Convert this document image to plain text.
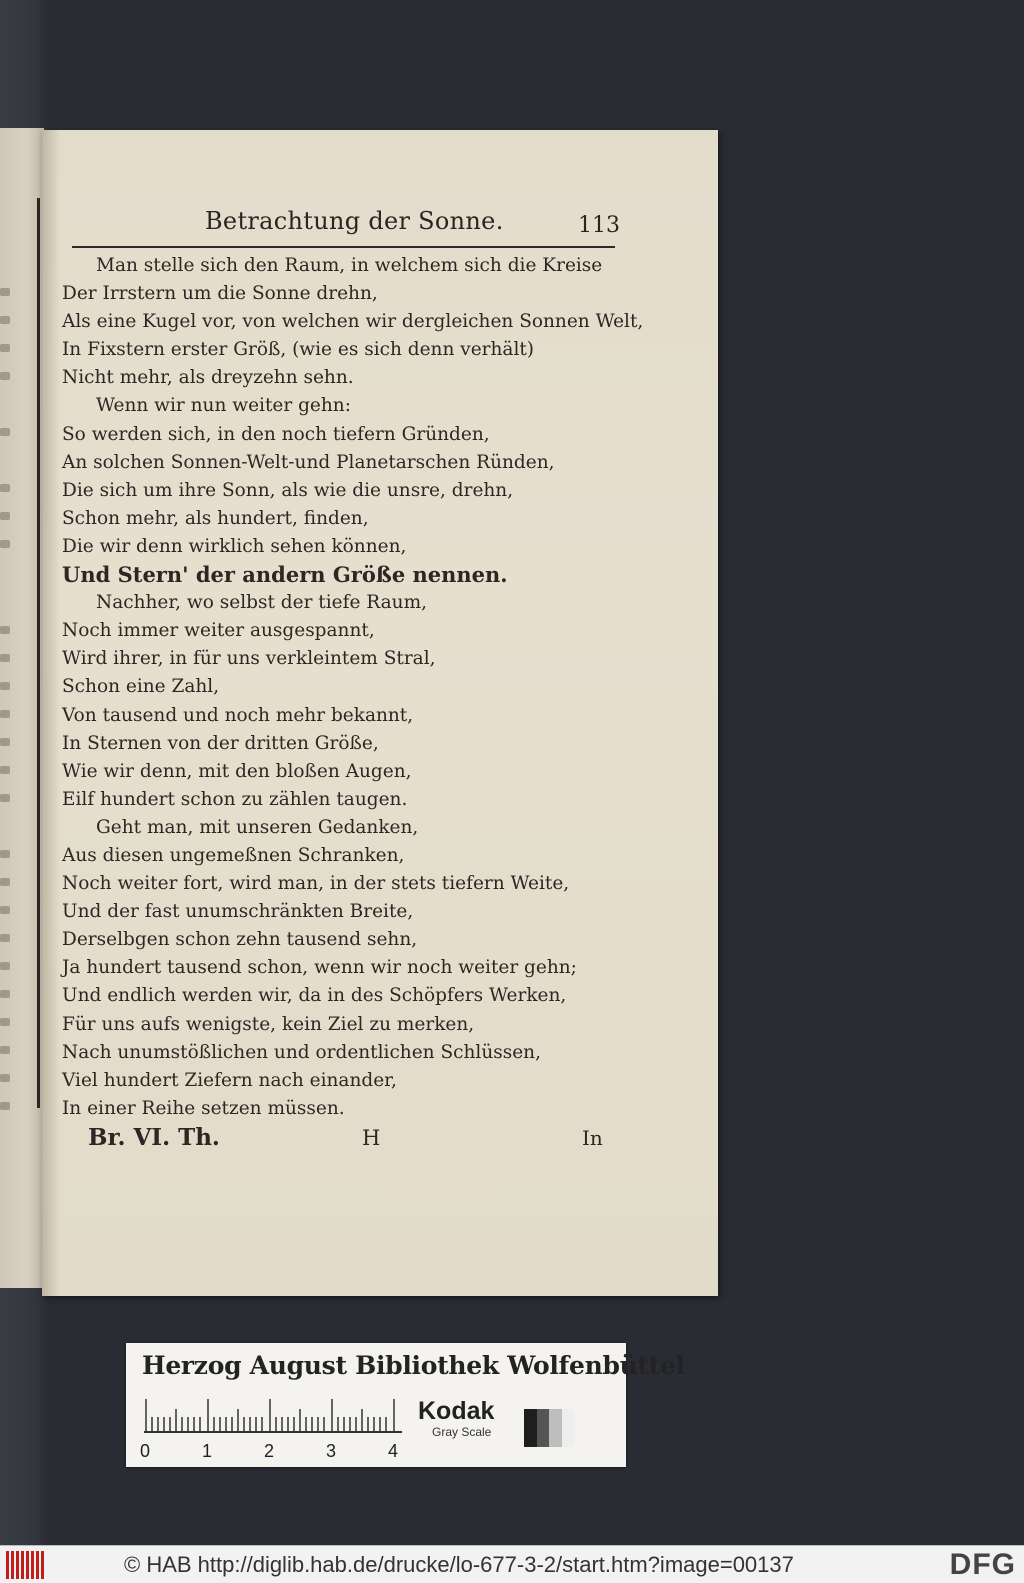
Betrachtung der Sonne.	113
Man stelle sich den Raum, in welchem sich die Kreise
Der Irrstern um die Sonne drehn,
Als eine Kugel vor, von welchen wir dergleichen Sonnen Welt,
In Fixstern erster Größ, (wie es sich denn verhält)
Nicht mehr, als dreyzehn sehn.
Wenn wir nun weiter gehn:
So werden sich, in den noch tiefern Gründen,
An solchen Sonnen-Welt-und Planetarschen Ründen,
Die sich um ihre Sonn, als wie die unsre, drehn,
Schon mehr, als hundert, finden,
Die wir denn wirklich sehen können,
Und Stern' der andern Größe nennen.
Nachher, wo selbst der tiefe Raum,
Noch immer weiter ausgespannt,
Wird ihrer, in für uns verkleintem Stral,
Schon eine Zahl,
Von tausend und noch mehr bekannt,
In Sternen von der dritten Größe,
Wie wir denn, mit den bloßen Augen,
Eilf hundert schon zu zählen taugen.
Geht man, mit unseren Gedanken,
Aus diesen ungemeßnen Schranken,
Noch weiter fort, wird man, in der stets tiefern Weite,
Und der fast unumschränkten Breite,
Derselbgen schon zehn tausend sehn,
Ja hundert tausend schon, wenn wir noch weiter gehn;
Und endlich werden wir, da in des Schöpfers Werken,
Für uns aufs wenigste, kein Ziel zu merken,
Nach unumstößlichen und ordentlichen Schlüssen,
Viel hundert Ziefern nach einander,
In einer Reihe setzen müssen.
Br. VI. Th.	H	In
Herzog August Bibliothek Wolfenbüttel
0	1	2	3	4
Kodak
Gray Scale
© HAB http://diglib.hab.de/drucke/lo-677-3-2/start.htm?image=00137	DFG
